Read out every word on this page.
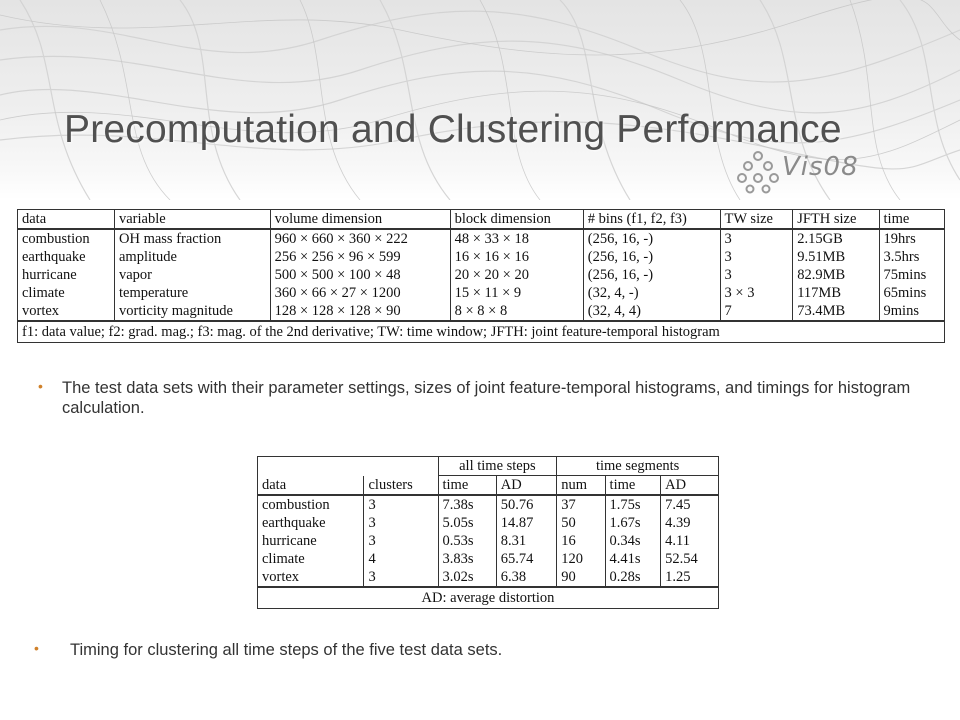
Precomputation and Clustering Performance
Vis08
data	variable	volume dimension	block dimension	# bins (f1, f2, f3)	TW size	JFTH size	time
combustion	OH mass fraction	960 × 660 × 360 × 222	48 × 33 × 18	(256, 16, -)	3	2.15GB	19hrs
earthquake	amplitude	256 × 256 × 96 × 599	16 × 16 × 16	(256, 16, -)	3	9.51MB	3.5hrs
hurricane	vapor	500 × 500 × 100 × 48	20 × 20 × 20	(256, 16, -)	3	82.9MB	75mins
climate	temperature	360 × 66 × 27 × 1200	15 × 11 × 9	(32, 4, -)	3 × 3	117MB	65mins
vortex	vorticity magnitude	128 × 128 × 128 × 90	8 × 8 × 8	(32, 4, 4)	7	73.4MB	9mins
f1: data value; f2: grad. mag.; f3: mag. of the 2nd derivative; TW: time window; JFTH: joint feature-temporal histogram							
• The test data sets with their parameter settings, sizes of joint feature-temporal histograms, and timings for histogram calculation.
		all time steps		time segments		
data	clusters	time	AD	num	time	AD
combustion	3	7.38s	50.76	37	1.75s	7.45
earthquake	3	5.05s	14.87	50	1.67s	4.39
hurricane	3	0.53s	8.31	16	0.34s	4.11
climate	4	3.83s	65.74	120	4.41s	52.54
vortex	3	3.02s	6.38	90	0.28s	1.25
AD: average distortion						
• Timing for clustering all time steps of the five test data sets.
